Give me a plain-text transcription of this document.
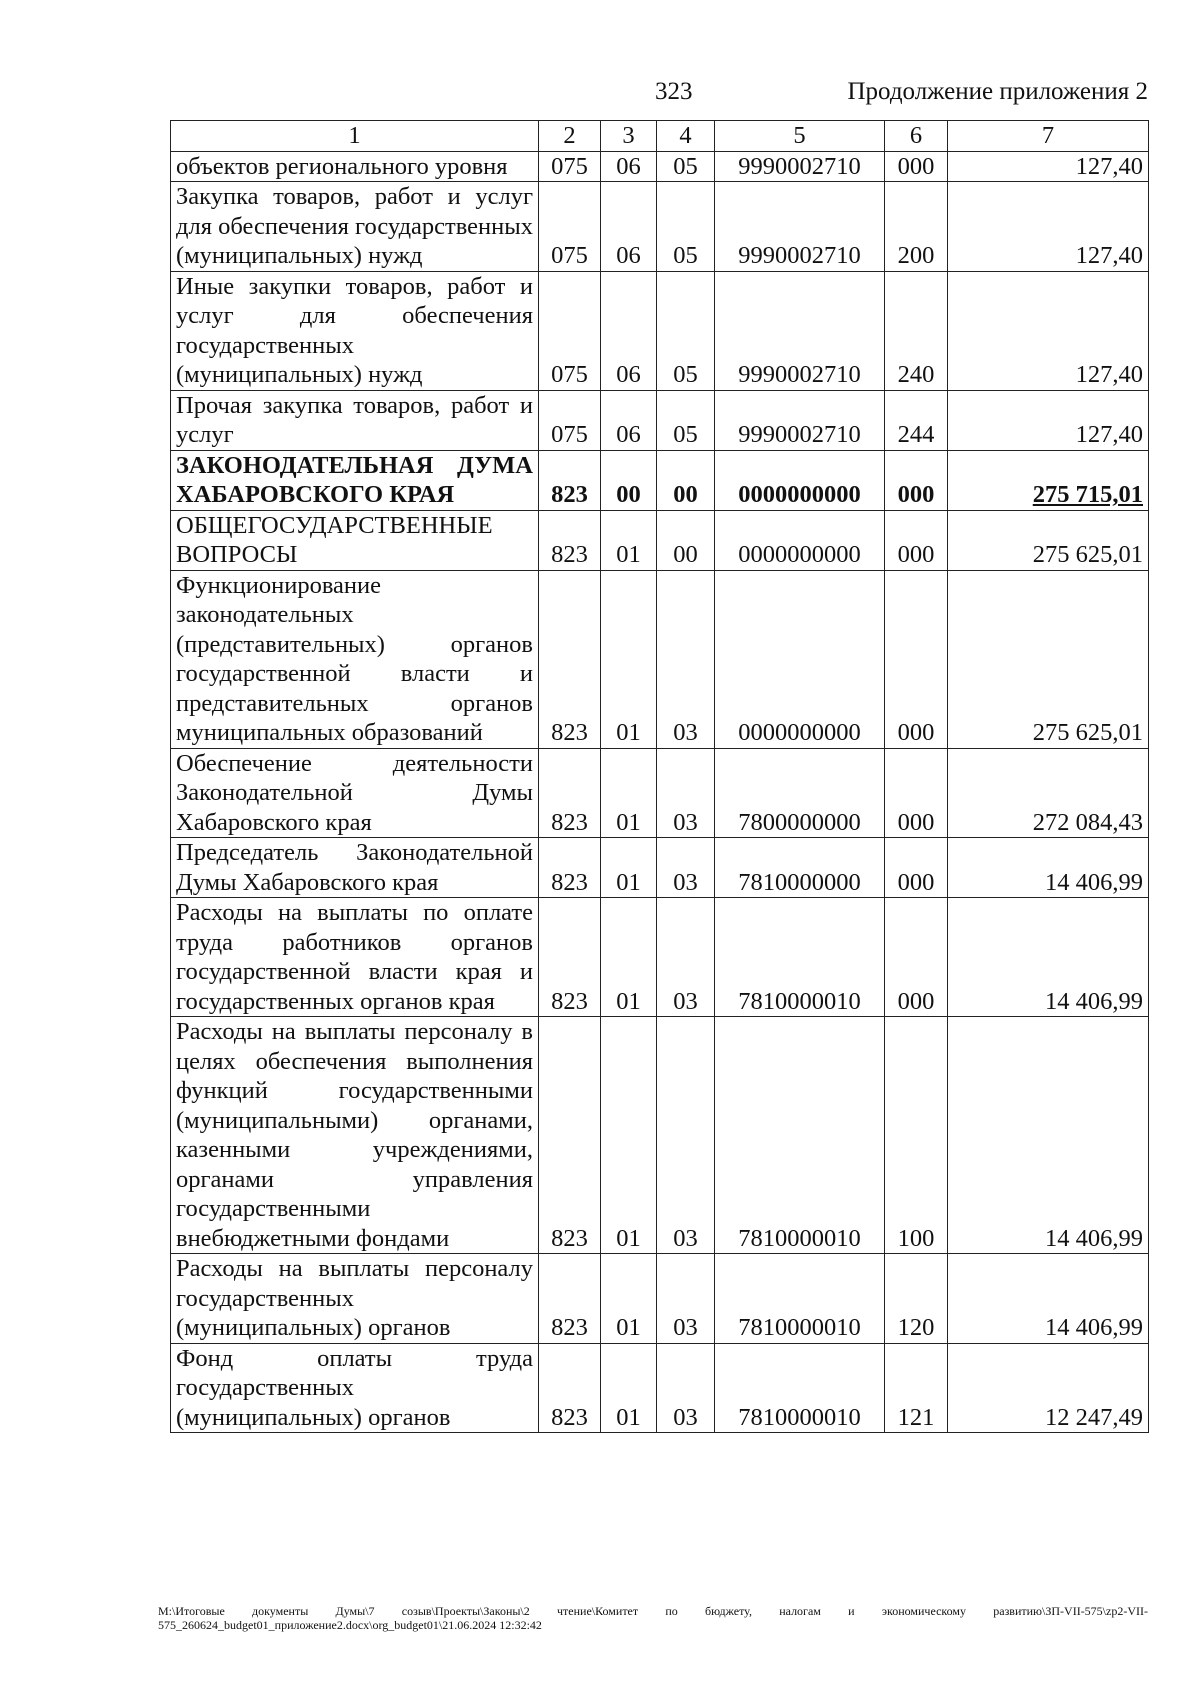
323	Продолжение приложения 2
1	2	3	4	5	6	7
объектов регионального уровня	075	06	05	9990002710	000	127,40
Закупка товаров, работ и услуг для обеспечения государственных (муниципальных) нужд	075	06	05	9990002710	200	127,40
Иные закупки товаров, работ и услуг для обеспечения государственных (муниципальных) нужд	075	06	05	9990002710	240	127,40
Прочая закупка товаров, работ и услуг	075	06	05	9990002710	244	127,40
ЗАКОНОДАТЕЛЬНАЯ ДУМА ХАБАРОВСКОГО КРАЯ	823	00	00	0000000000	000	275 715,01
ОБЩЕГОСУДАРСТВЕННЫЕ ВОПРОСЫ	823	01	00	0000000000	000	275 625,01
Функционирование законодательных (представительных) органов государственной власти и представительных органов муниципальных образований	823	01	03	0000000000	000	275 625,01
Обеспечение деятельности Законодательной Думы Хабаровского края	823	01	03	7800000000	000	272 084,43
Председатель Законодательной Думы Хабаровского края	823	01	03	7810000000	000	14 406,99
Расходы на выплаты по оплате труда работников органов государственной власти края и государственных органов края	823	01	03	7810000010	000	14 406,99
Расходы на выплаты персоналу в целях обеспечения выполнения функций государственными (муниципальными) органами, казенными учреждениями, органами управления государственными внебюджетными фондами	823	01	03	7810000010	100	14 406,99
Расходы на выплаты персоналу государственных (муниципальных) органов	823	01	03	7810000010	120	14 406,99
Фонд оплаты труда государственных (муниципальных) органов	823	01	03	7810000010	121	12 247,49
M:\Итоговые документы Думы\7 созыв\Проекты\Законы\2 чтение\Комитет по бюджету, налогам и экономическому развитию\ЗП-VII-575\zp2-VII-575_260624_budget01_приложение2.docx\org_budget01\21.06.2024 12:32:42
